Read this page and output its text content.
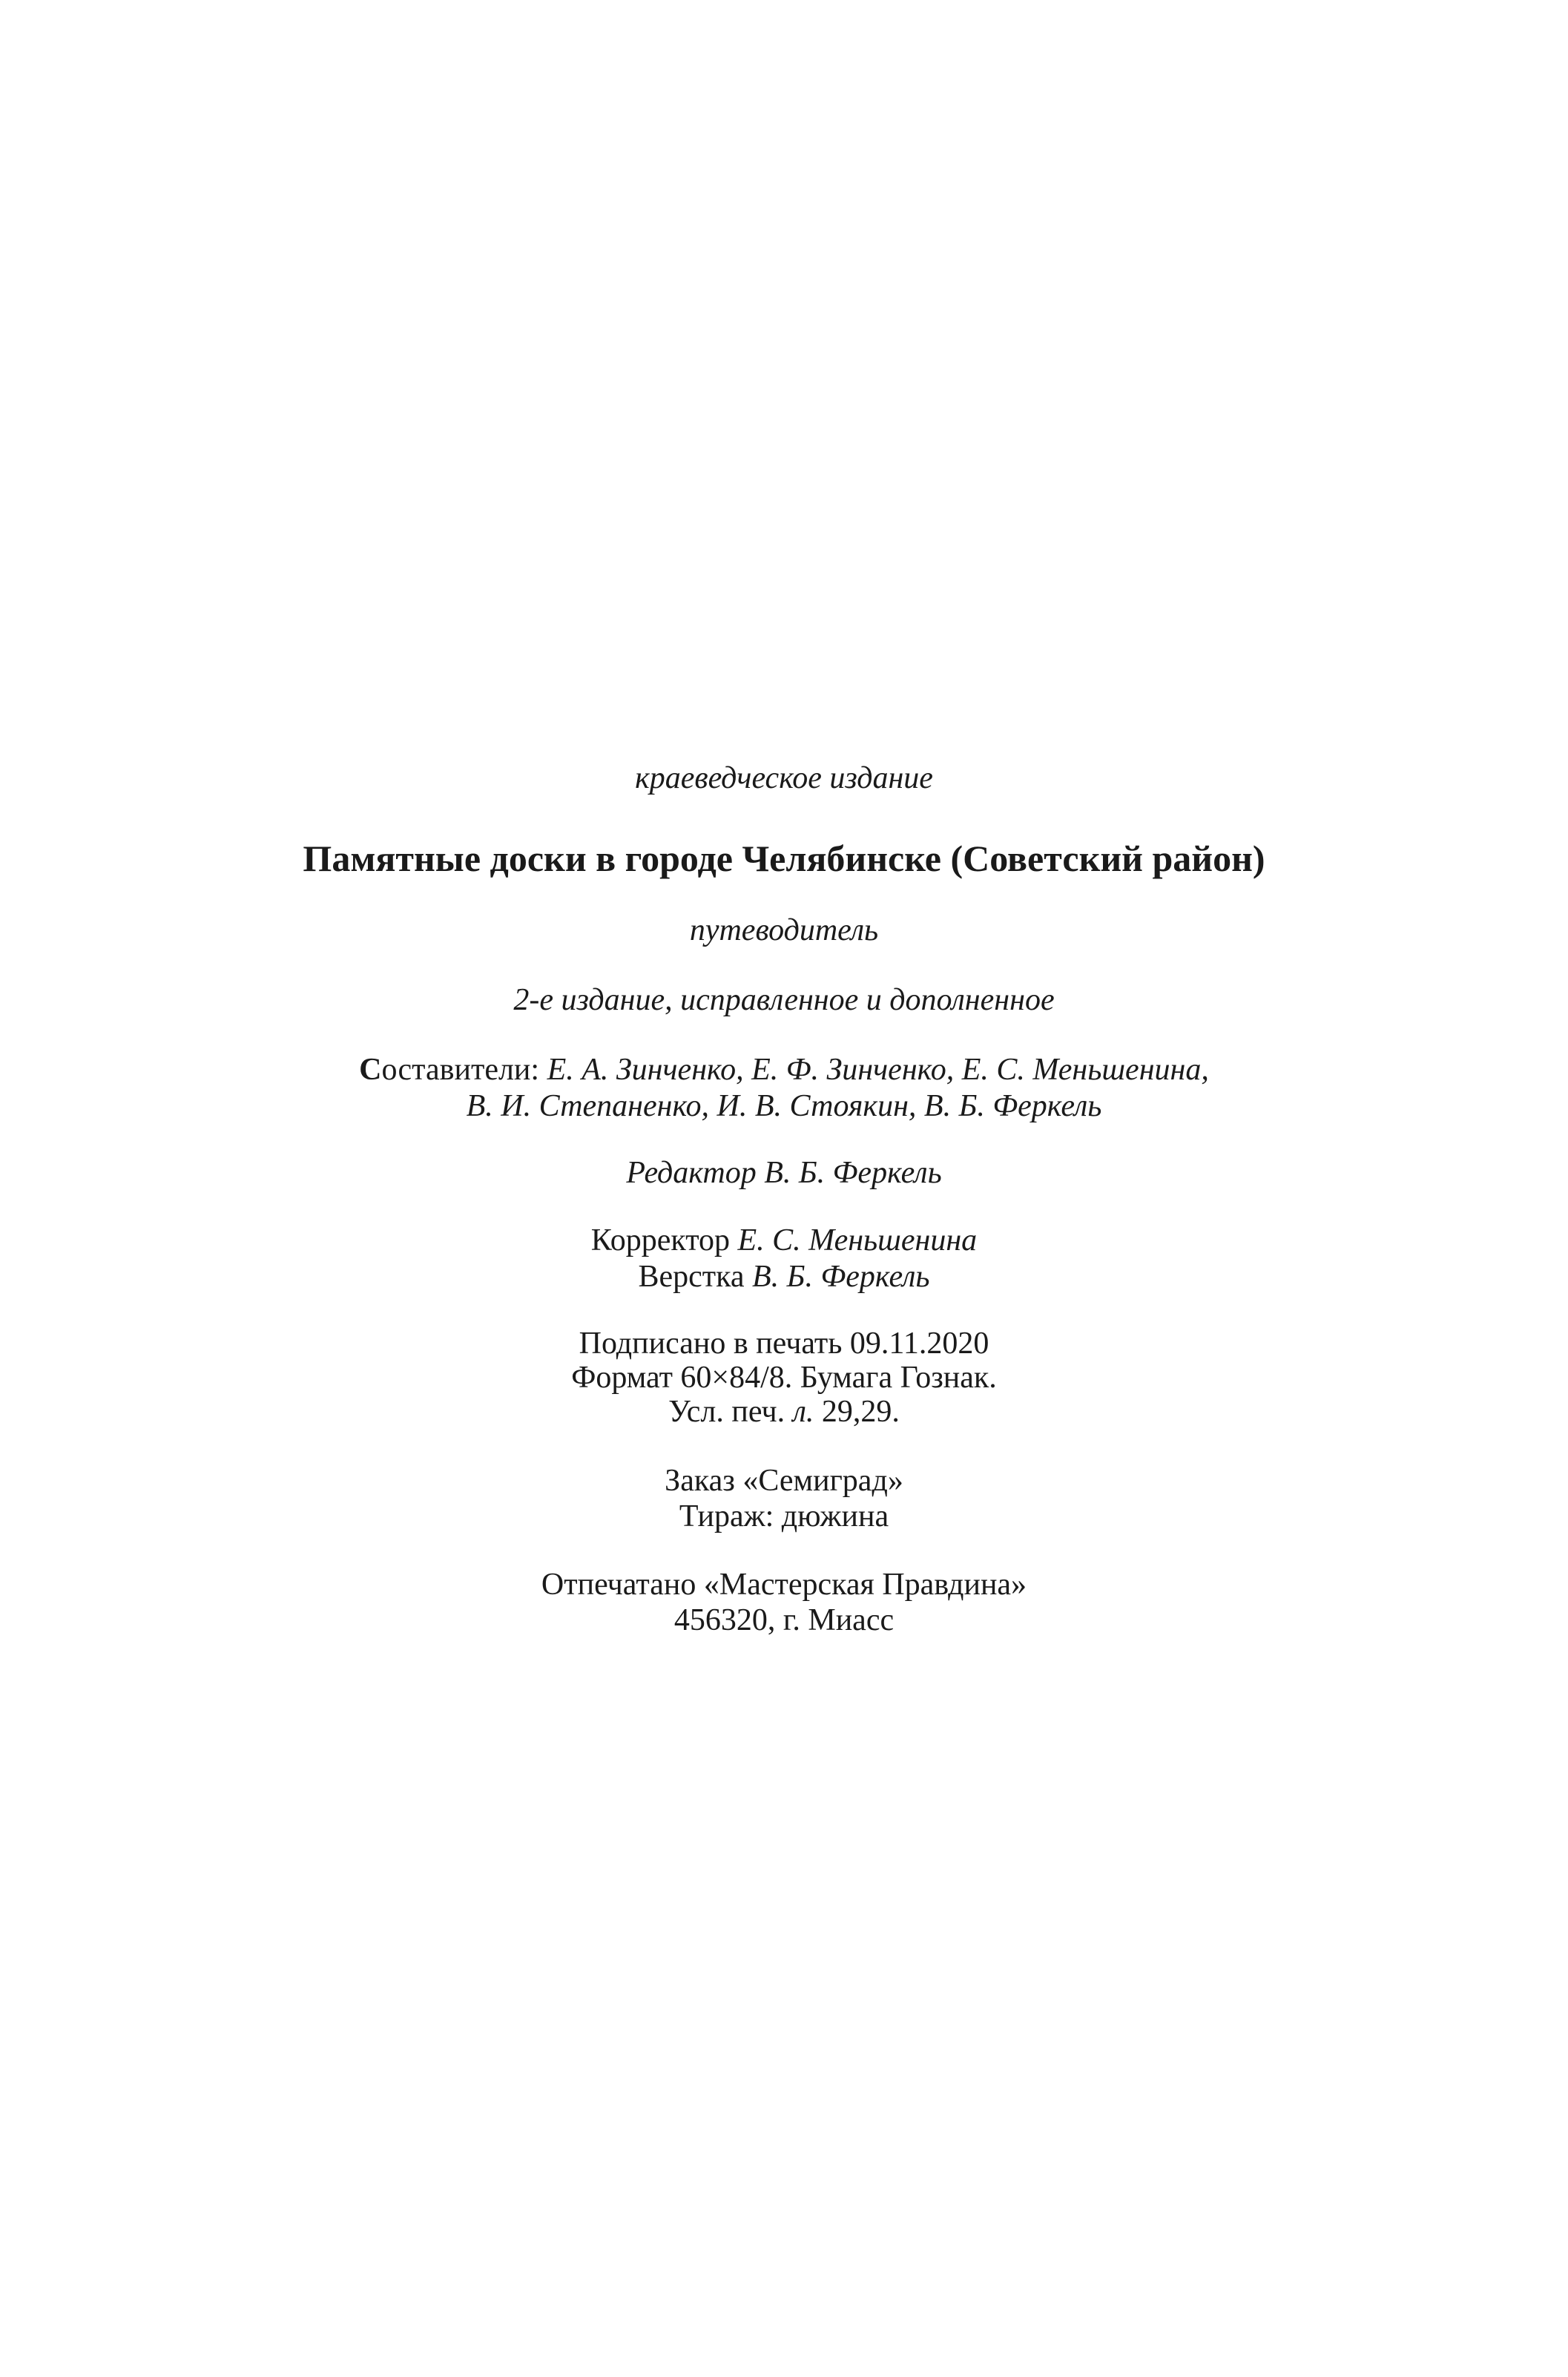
краеведческое издание
Памятные доски в городе Челябинске (Советский район)
путеводитель
2-е издание, исправленное и дополненное
Составители: Е. А. Зинченко, Е. Ф. Зинченко, Е. С. Меньшенина,
В. И. Степаненко, И. В. Стоякин, В. Б. Феркель
Редактор В. Б. Феркель
Корректор Е. С. Меньшенина
Верстка В. Б. Феркель
Подписано в печать 09.11.2020
Формат 60×84/8. Бумага Гознак.
Усл. печ. л. 29,29.
Заказ «Семиград»
Тираж: дюжина
Отпечатано «Мастерская Правдина»
456320, г. Миасс
